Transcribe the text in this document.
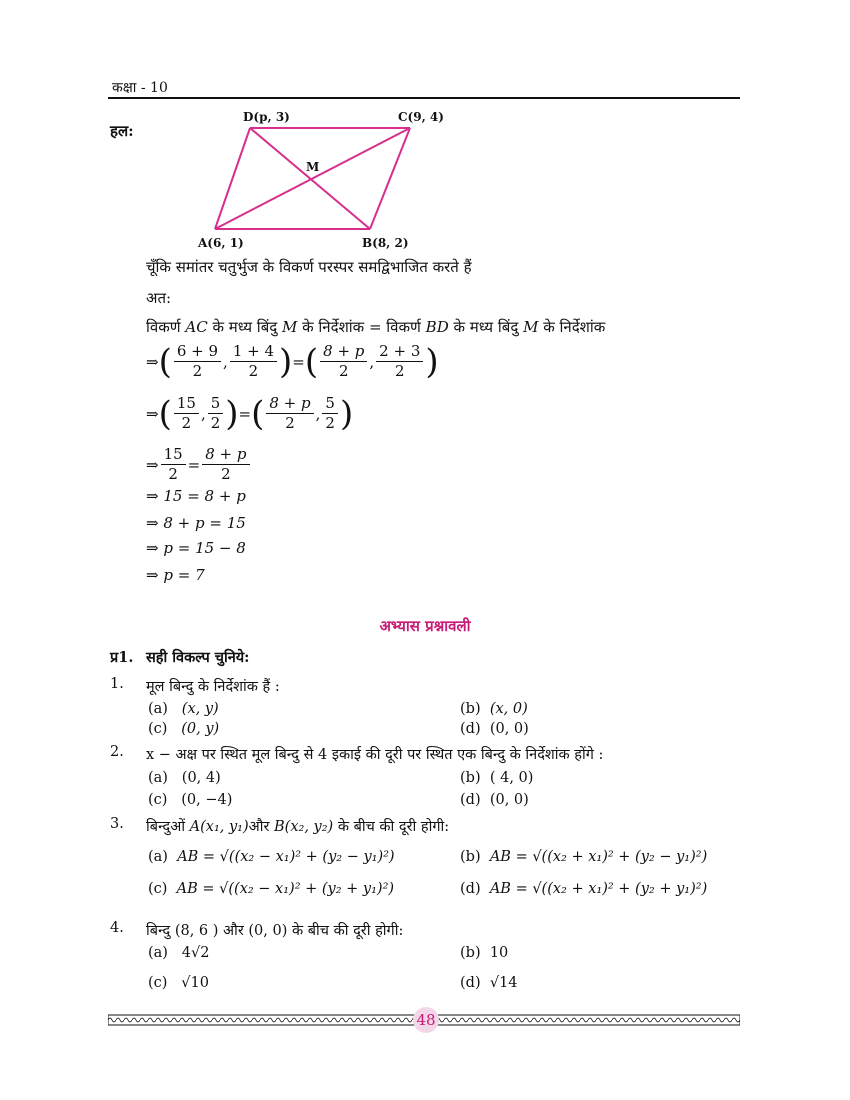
कक्षा - 10
हल:
D(p, 3)	C(9, 4)
M
A(6, 1)	B(8, 2)
चूँकि समांतर चतुर्भुज के विकर्ण परस्पर समद्विभाजित करते हैं
अत:
विकर्ण AC के मध्य बिंदु M के निर्देशांक = विकर्ण BD के मध्य बिंदु M के निर्देशांक
⇒ ( $\frac{6 + 9}{2}$ , $\frac{1 + 4}{2}$ ) = ( $\frac{8 + p}{2}$ , $\frac{2 + 3}{2}$ )
⇒ ( $\frac{15}{2}$ , $\frac{5}{2}$ ) = ( $\frac{8 + p}{2}$ , $\frac{5}{2}$ )
⇒ $\frac{15}{2} = \frac{8 + p}{2}$
⇒
15 = 8 + p
⇒
8 + p = 15
⇒
p = 15 − 8
⇒
p = 7
अभ्यास प्रश्नावली
प्र1. सही विकल्प चुनिये:
1. मूल बिन्दु के निर्देशांक हैं :
(a) (x, y)	(b) (x, 0)
(c) (0, y)	(d) (0, 0)
2. x − अक्ष पर स्थित मूल बिन्दु से 4 इकाई की दूरी पर स्थित एक बिन्दु के निर्देशांक होंगे :
(a) (0, 4)	(b) ( 4, 0)
(c) (0, −4)	(d) (0, 0)
3. बिन्दुओं A(x₁, y₁)और B(x₂, y₂) के बीच की दूरी होगी:
(a) AB = √((x₂ − x₁)² + (y₂ − y₁)²)	(b) AB = √((x₂ + x₁)² + (y₂ − y₁)²)
(c) AB = √((x₂ − x₁)² + (y₂ + y₁)²)	(d) AB = √((x₂ + x₁)² + (y₂ + y₁)²)
4. बिन्दु (8, 6 ) और (0, 0) के बीच की दूरी होगी:
(a) 4√2	(b) 10
(c) √10	(d) √14
48
